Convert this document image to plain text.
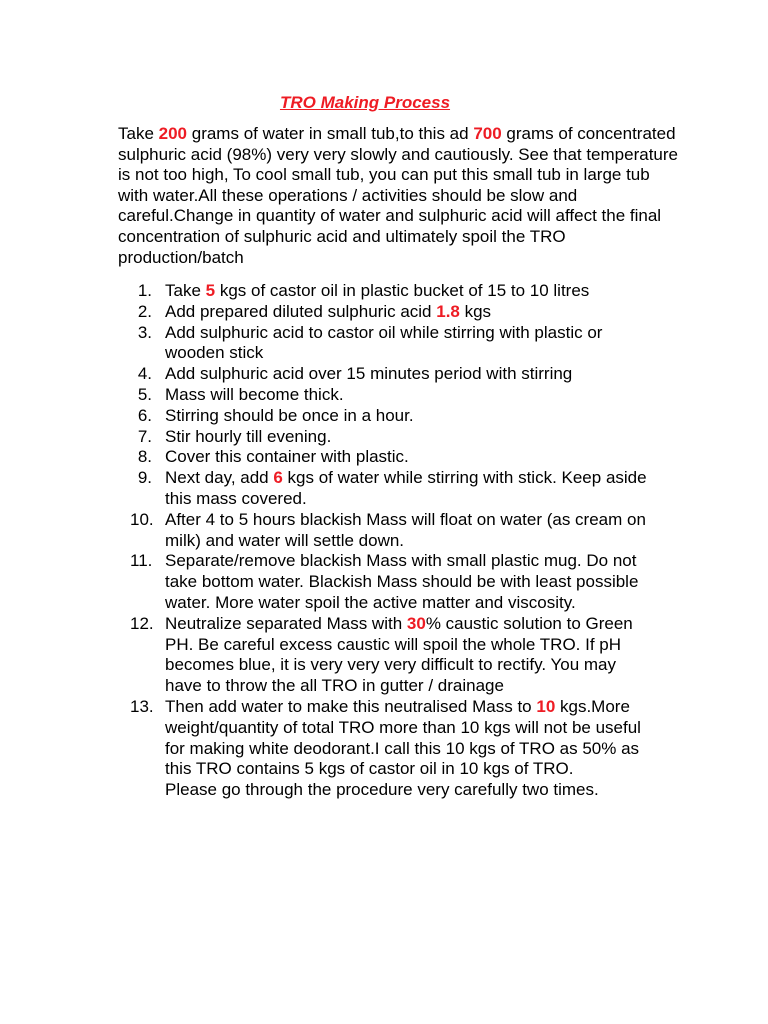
TRO Making Process

Take 200 grams of water in small tub,to this ad 700 grams of concentrated
sulphuric acid (98%) very very slowly and cautiously. See that temperature
is not too high, To cool small tub, you can put this small tub in large tub
with water.All these operations / activities should be slow and
careful.Change in quantity of water and sulphuric acid will affect the final
concentration of sulphuric acid and ultimately spoil the TRO
production/batch

1. Take 5 kgs of castor oil in plastic bucket of 15 to 10 litres
2. Add prepared diluted sulphuric acid 1.8 kgs
3. Add sulphuric acid to castor oil while stirring with plastic or
wooden stick
4. Add sulphuric acid over 15 minutes period with stirring
5. Mass will become thick.
6. Stirring should be once in a hour.
7. Stir hourly till evening.
8. Cover this container with plastic.
9. Next day, add 6 kgs of water while stirring with stick. Keep aside
this mass covered.
10. After 4 to 5 hours blackish Mass will float on water (as cream on
milk) and water will settle down.
11. Separate/remove blackish Mass with small plastic mug. Do not
take bottom water. Blackish Mass should be with least possible
water. More water spoil the active matter and viscosity.
12. Neutralize separated Mass with 30% caustic solution to Green
PH. Be careful excess caustic will spoil the whole TRO. If pH
becomes blue, it is very very very difficult to rectify. You may
have to throw the all TRO in gutter / drainage
13. Then add water to make this neutralised Mass to 10 kgs.More
weight/quantity of total TRO more than 10 kgs will not be useful
for making white deodorant.I call this 10 kgs of TRO as 50% as
this TRO contains 5 kgs of castor oil in 10 kgs of TRO.
Please go through the procedure very carefully two times.
